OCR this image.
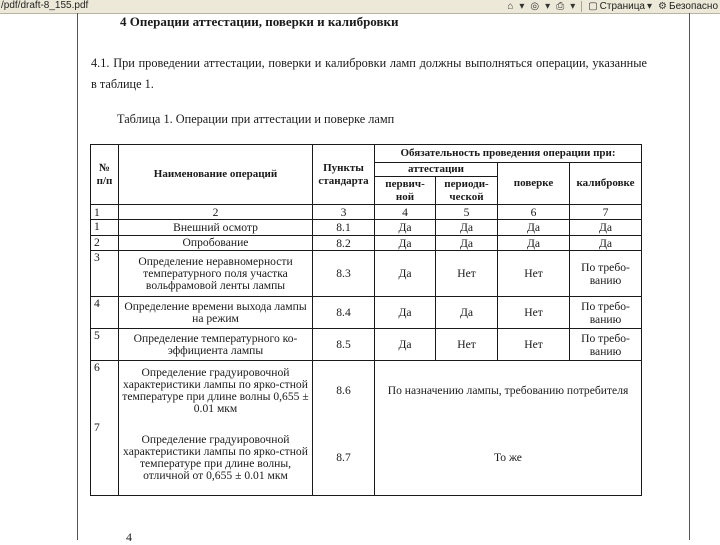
/pdf/draft-8_155.pdf	⌂ ▾ ◎ ▾ ⎙ ▾ ▢ Страница ▾ ⚙ Безопасно
4 Операции аттестации, поверки и калибровки
4.1. При проведении аттестации, поверки и калибровки ламп должны выполняться операции, указанные в таблице 1.
Таблица 1. Операции при аттестации и поверке ламп
№ п/п	Наименование операций	Пункты стандарта	Обязательность проведения операции при:			
			аттестации		поверке	калибровке
			первич-ной	периоди-ческой		
1	2	3	4	5	6	7
1	Внешний осмотр	8.1	Да	Да	Да	Да
2	Опробование	8.2	Да	Да	Да	Да
3	Определение неравномерности температурного поля участка вольфрамовой ленты лампы	8.3	Да	Нет	Нет	По требо-ванию
4	Определение времени выхода лампы на режим	8.4	Да	Да	Нет	По требо-ванию
5	Определение температурного ко-эффициента лампы	8.5	Да	Нет	Нет	По требо-ванию
6	Определение градуировочной характеристики лампы по ярко-стной температуре при длине волны 0,655 ± 0.01 мкм	8.6	По назначению лампы, требованию потребителя			
7	Определение градуировочной характеристики лампы по ярко-стной температуре при длине волны, отличной от 0,655 ± 0.01 мкм	8.7	То же			
4
